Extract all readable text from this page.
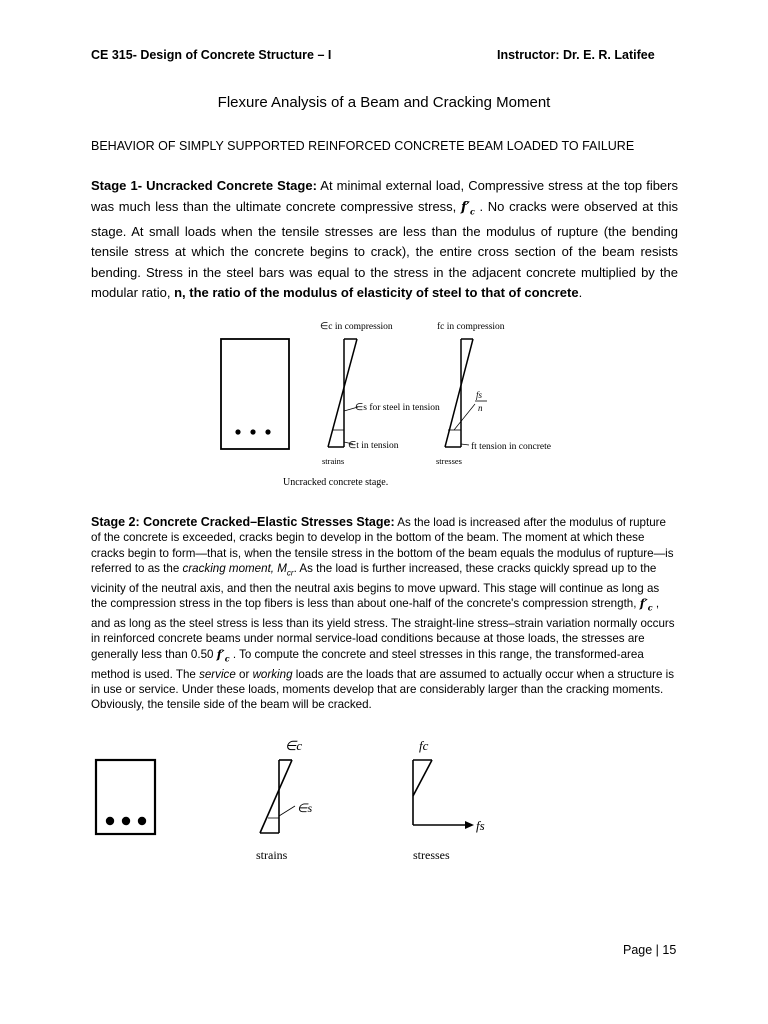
CE 315- Design of Concrete Structure – I	Instructor: Dr. E. R. Latifee
Flexure Analysis of a Beam and Cracking Moment
BEHAVIOR OF SIMPLY SUPPORTED REINFORCED CONCRETE BEAM LOADED TO FAILURE
Stage 1- Uncracked Concrete Stage: At minimal external load, Compressive stress at the top fibers was much less than the ultimate concrete compressive stress, $f'_c$ . No cracks were observed at this stage. At small loads when the tensile stresses are less than the modulus of rupture (the bending tensile stress at which the concrete begins to crack), the entire cross section of the beam resists bending. Stress in the steel bars was equal to the stress in the adjacent concrete multiplied by the modular ratio, n, the ratio of the modulus of elasticity of steel to that of concrete.
∈c in compression	fc in compression
∈s for steel in tension
∈t in tension
fs
n
ft tension in concrete
strains	stresses
Uncracked concrete stage.
Stage 2: Concrete Cracked–Elastic Stresses Stage: As the load is increased after the modulus of rupture of the concrete is exceeded, cracks begin to develop in the bottom of the beam. The moment at which these cracks begin to form—that is, when the tensile stress in the bottom of the beam equals the modulus of rupture—is referred to as the cracking moment, $M_{cr}$. As the load is further increased, these cracks quickly spread up to the vicinity of the neutral axis, and then the neutral axis begins to move upward. This stage will continue as long as the compression stress in the top fibers is less than about one-half of the concrete's compression strength, $f'_c$ , and as long as the steel stress is less than its yield stress. The straight-line stress–strain variation normally occurs in reinforced concrete beams under normal service-load conditions because at those loads, the stresses are generally less than 0.50 $f'_c$ . To compute the concrete and steel stresses in this range, the transformed-area method is used. The service or working loads are the loads that are assumed to actually occur when a structure is in use or service. Under these loads, moments develop that are considerably larger than the cracking moments. Obviously, the tensile side of the beam will be cracked.
∈c
∈s
fc
fs
strains	stresses
Page | 15
